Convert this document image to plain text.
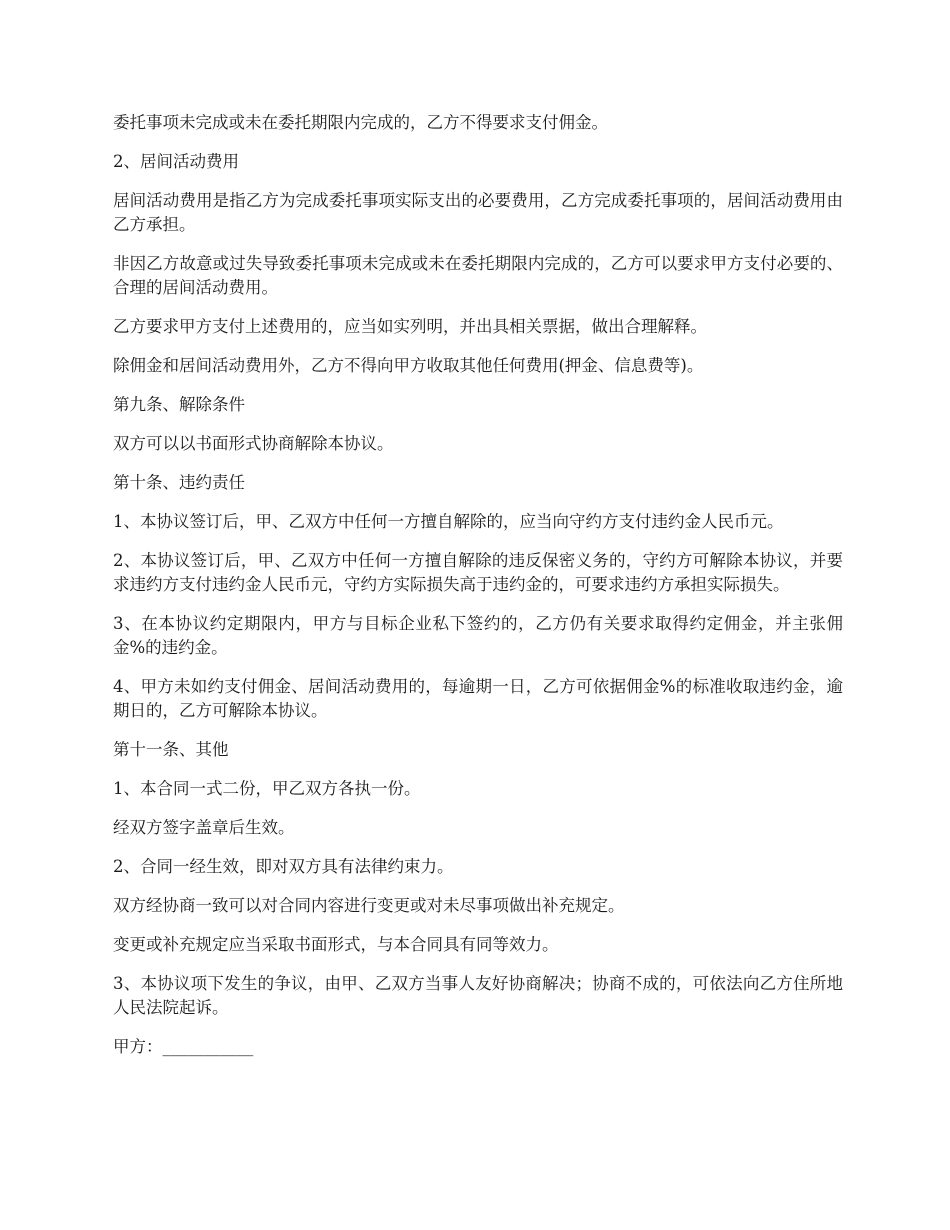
委托事项未完成或未在委托期限内完成的，乙方不得要求支付佣金。

2、居间活动费用

居间活动费用是指乙方为完成委托事项实际支出的必要费用，乙方完成委托事项的，居间活动费用由乙方承担。

非因乙方故意或过失导致委托事项未完成或未在委托期限内完成的，乙方可以要求甲方支付必要的、合理的居间活动费用。

乙方要求甲方支付上述费用的，应当如实列明，并出具相关票据，做出合理解释。

除佣金和居间活动费用外，乙方不得向甲方收取其他任何费用(押金、信息费等)。

第九条、解除条件

双方可以以书面形式协商解除本协议。

第十条、违约责任

1、本协议签订后，甲、乙双方中任何一方擅自解除的，应当向守约方支付违约金人民币元。

2、本协议签订后，甲、乙双方中任何一方擅自解除的违反保密义务的，守约方可解除本协议，并要求违约方支付违约金人民币元，守约方实际损失高于违约金的，可要求违约方承担实际损失。

3、在本协议约定期限内，甲方与目标企业私下签约的，乙方仍有关要求取得约定佣金，并主张佣金%的违约金。

4、甲方未如约支付佣金、居间活动费用的，每逾期一日，乙方可依据佣金%的标准收取违约金，逾期日的，乙方可解除本协议。

第十一条、其他

1、本合同一式二份，甲乙双方各执一份。

经双方签字盖章后生效。

2、合同一经生效，即对双方具有法律约束力。

双方经协商一致可以对合同内容进行变更或对未尽事项做出补充规定。

变更或补充规定应当采取书面形式，与本合同具有同等效力。

3、本协议项下发生的争议，由甲、乙双方当事人友好协商解决；协商不成的，可依法向乙方住所地人民法院起诉。

甲方：___________
